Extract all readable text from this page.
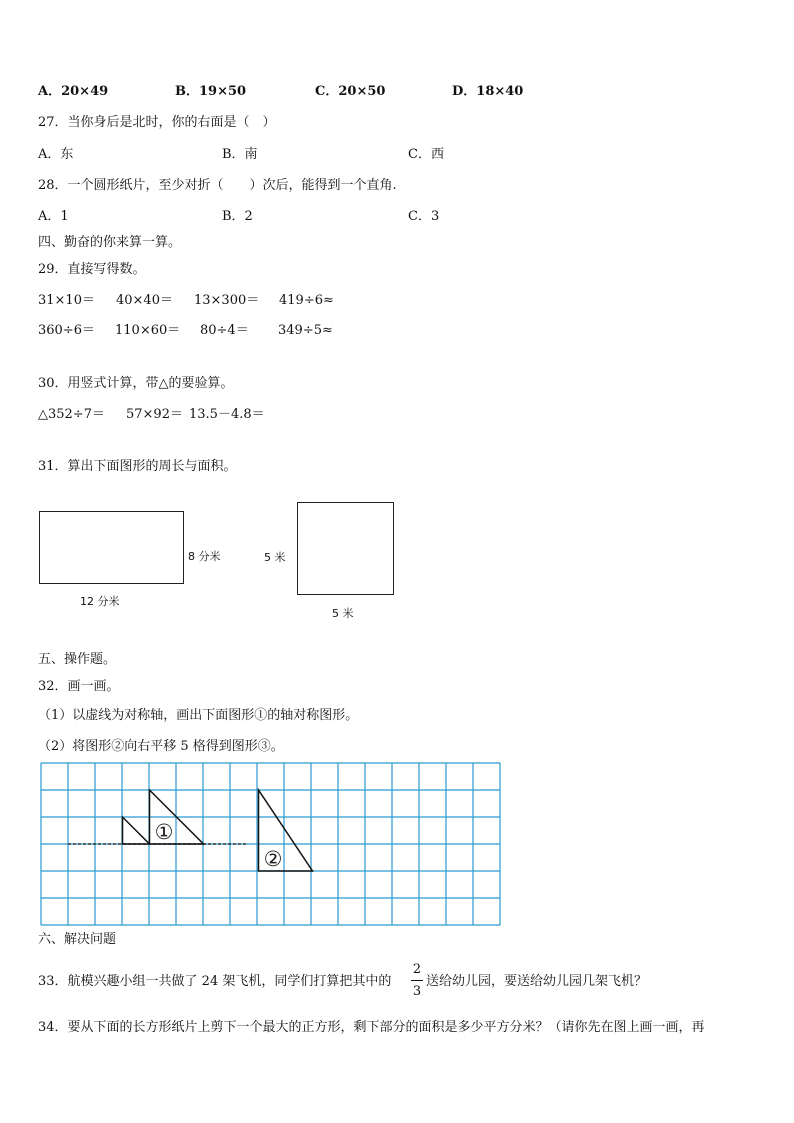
A．20×49	B．19×50	C．20×50	D．18×40
27．当你身后是北时，你的右面是（　）
A．东	B．南	C．西
28．一个圆形纸片，至少对折（　　）次后，能得到一个直角.
A．1	B．2	C．3
四、勤奋的你来算一算。
29．直接写得数。
31×10＝ 40×40＝ 13×300＝ 419÷6≈
360÷6＝ 110×60＝ 80÷4＝ 349÷5≈
30．用竖式计算，带△的要验算。
△352÷7＝ 57×92＝ 13.5－4.8＝
31．算出下面图形的周长与面积。
8 分米
12 分米
5 米
5 米
五、操作题。
32．画一画。
（1）以虚线为对称轴，画出下面图形①的轴对称图形。
（2）将图形②向右平移 5 格得到图形③。
①
②
六、解决问题
33．航模兴趣小组一共做了 24 架飞机，同学们打算把其中的
2
3
送给幼儿园，要送给幼儿园几架飞机？
34．要从下面的长方形纸片上剪下一个最大的正方形，剩下部分的面积是多少平方分米？（请你先在图上画一画，再
